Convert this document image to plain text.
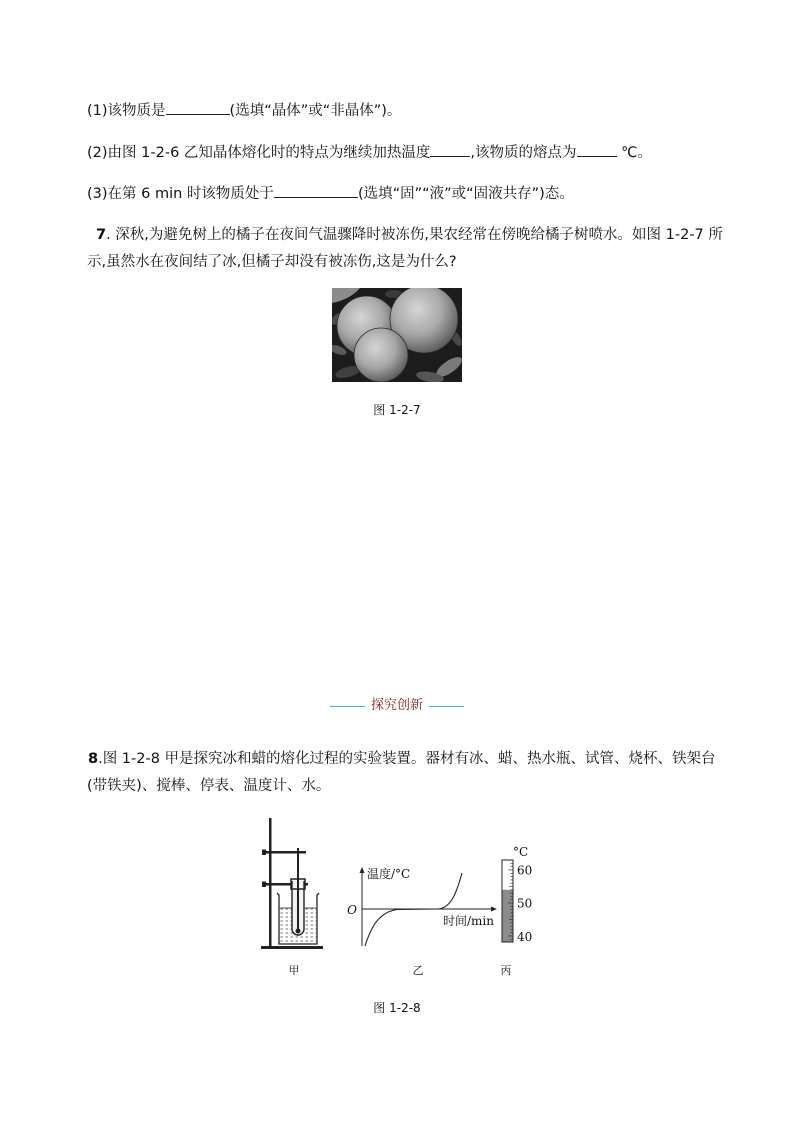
(1)该物质是	(选填“晶体”或“非晶体”)。
(2)由图 1-2-6 乙知晶体熔化时的特点为继续加热温度	,该物质的熔点为	℃。
(3)在第 6 min 时该物质处于	(选填“固”“液”或“固液共存”)态。
7. 深秋,为避免树上的橘子在夜间气温骤降时被冻伤,果农经常在傍晚给橘子树喷水。如图 1-2-7 所
示,虽然水在夜间结了冰,但橘子却没有被冻伤,这是为什么?
图 1-2-7
探究创新
8.图 1-2-8 甲是探究冰和蜡的熔化过程的实验装置。器材有冰、蜡、热水瓶、试管、烧杯、铁架台
(带铁夹)、搅棒、停表、温度计、水。
甲
O
温度/°C
时间/min
乙
°C
60
50
40
丙
图 1-2-8
